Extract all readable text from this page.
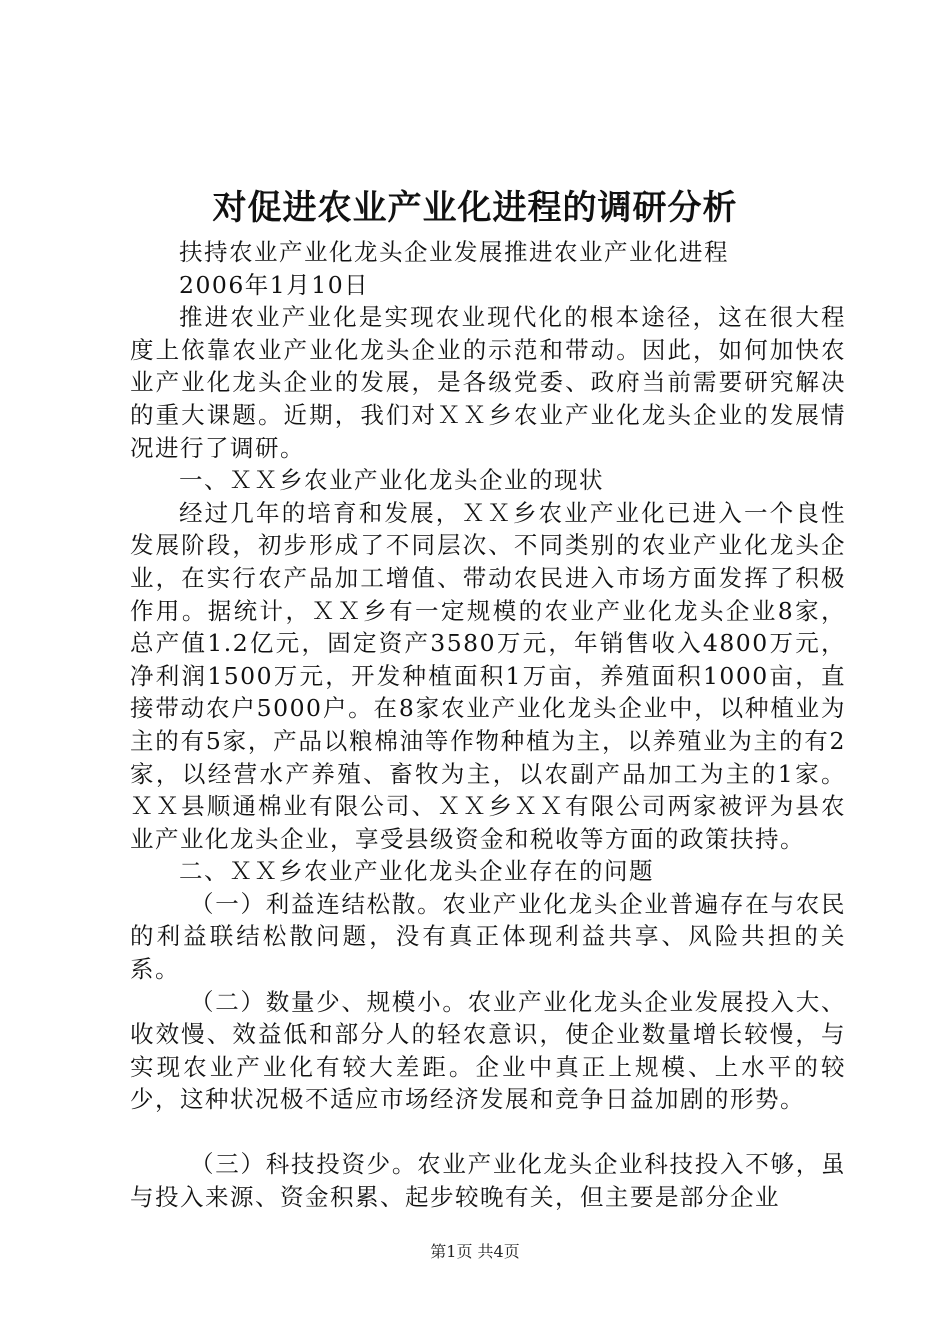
对促进农业产业化进程的调研分析

扶持农业产业化龙头企业发展推进农业产业化进程

2006年1月10日

推进农业产业化是实现农业现代化的根本途径，这在很大程度上依靠农业产业化龙头企业的示范和带动。因此，如何加快农业产业化龙头企业的发展，是各级党委、政府当前需要研究解决的重大课题。近期，我们对ＸＸ乡农业产业化龙头企业的发展情况进行了调研。

一、ＸＸ乡农业产业化龙头企业的现状

经过几年的培育和发展，ＸＸ乡农业产业化已进入一个良性发展阶段，初步形成了不同层次、不同类别的农业产业化龙头企业，在实行农产品加工增值、带动农民进入市场方面发挥了积极作用。据统计，ＸＸ乡有一定规模的农业产业化龙头企业8家，总产值1.2亿元，固定资产3580万元，年销售收入4800万元，净利润1500万元，开发种植面积1万亩，养殖面积1000亩，直接带动农户5000户。在8家农业产业化龙头企业中，以种植业为主的有5家，产品以粮棉油等作物种植为主，以养殖业为主的有2家，以经营水产养殖、畜牧为主，以农副产品加工为主的1家。ＸＸ县顺通棉业有限公司、ＸＸ乡ＸＸ有限公司两家被评为县农业产业化龙头企业，享受县级资金和税收等方面的政策扶持。

二、ＸＸ乡农业产业化龙头企业存在的问题

（一）利益连结松散。农业产业化龙头企业普遍存在与农民的利益联结松散问题，没有真正体现利益共享、风险共担的关系。

（二）数量少、规模小。农业产业化龙头企业发展投入大、收效慢、效益低和部分人的轻农意识，使企业数量增长较慢，与实现农业产业化有较大差距。企业中真正上规模、上水平的较少，这种状况极不适应市场经济发展和竞争日益加剧的形势。

（三）科技投资少。农业产业化龙头企业科技投入不够，虽与投入来源、资金积累、起步较晚有关，但主要是部分企业

第1页 共4页
